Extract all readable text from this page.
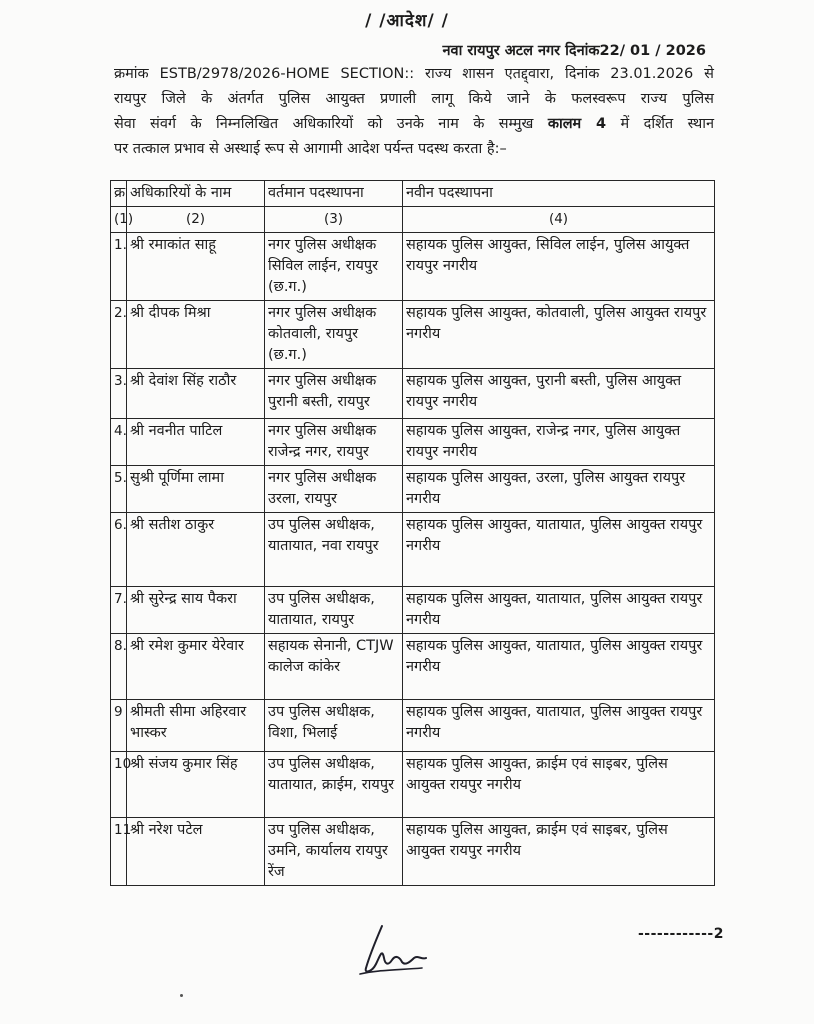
/ /आदेश/ /
नवा रायपुर अटल नगर दिनांक22/ 01 / 2026
क्रमांक ESTB/2978/2026-HOME SECTION:: राज्य शासन एतद्द्वारा, दिनांक 23.01.2026 से
रायपुर जिले के अंतर्गत पुलिस आयुक्त प्रणाली लागू किये जाने के फलस्वरूप राज्य पुलिस
सेवा संवर्ग के निम्नलिखित अधिकारियों को उनके नाम के सम्मुख कालम 4 में दर्शित स्थान
पर तत्काल प्रभाव से अस्थाई रूप से आगामी आदेश पर्यन्त पदस्थ करता है:–
क्र	अधिकारियों के नाम	वर्तमान पदस्थापना	नवीन पदस्थापना
(1)	(2)	(3)	(4)
1.	श्री रमाकांत साहू	नगर पुलिस अधीक्षक सिविल लाईन, रायपुर (छ.ग.)	सहायक पुलिस आयुक्त, सिविल लाईन, पुलिस आयुक्त रायपुर नगरीय
2.	श्री दीपक मिश्रा	नगर पुलिस अधीक्षक कोतवाली, रायपुर (छ.ग.)	सहायक पुलिस आयुक्त, कोतवाली, पुलिस आयुक्त रायपुर नगरीय
3.	श्री देवांश सिंह राठौर	नगर पुलिस अधीक्षक पुरानी बस्ती, रायपुर	सहायक पुलिस आयुक्त, पुरानी बस्ती, पुलिस आयुक्त रायपुर नगरीय
4.	श्री नवनीत पाटिल	नगर पुलिस अधीक्षक राजेन्द्र नगर, रायपुर	सहायक पुलिस आयुक्त, राजेन्द्र नगर, पुलिस आयुक्त रायपुर नगरीय
5.	सुश्री पूर्णिमा लामा	नगर पुलिस अधीक्षक उरला, रायपुर	सहायक पुलिस आयुक्त, उरला, पुलिस आयुक्त रायपुर नगरीय
6.	श्री सतीश ठाकुर	उप पुलिस अधीक्षक, यातायात, नवा रायपुर	सहायक पुलिस आयुक्त, यातायात, पुलिस आयुक्त रायपुर नगरीय
7.	श्री सुरेन्द्र साय पैकरा	उप पुलिस अधीक्षक, यातायात, रायपुर	सहायक पुलिस आयुक्त, यातायात, पुलिस आयुक्त रायपुर नगरीय
8.	श्री रमेश कुमार येरेवार	सहायक सेनानी, CTJW कालेज कांकेर	सहायक पुलिस आयुक्त, यातायात, पुलिस आयुक्त रायपुर नगरीय
9	श्रीमती सीमा अहिरवार भास्कर	उप पुलिस अधीक्षक, विशा, भिलाई	सहायक पुलिस आयुक्त, यातायात, पुलिस आयुक्त रायपुर नगरीय
10	श्री संजय कुमार सिंह	उप पुलिस अधीक्षक, यातायात, क्राईम, रायपुर	सहायक पुलिस आयुक्त, क्राईम एवं साइबर, पुलिस आयुक्त रायपुर नगरीय
11	श्री नरेश पटेल	उप पुलिस अधीक्षक, उमनि, कार्यालय रायपुर रेंज	सहायक पुलिस आयुक्त, क्राईम एवं साइबर, पुलिस आयुक्त रायपुर नगरीय
------------2
